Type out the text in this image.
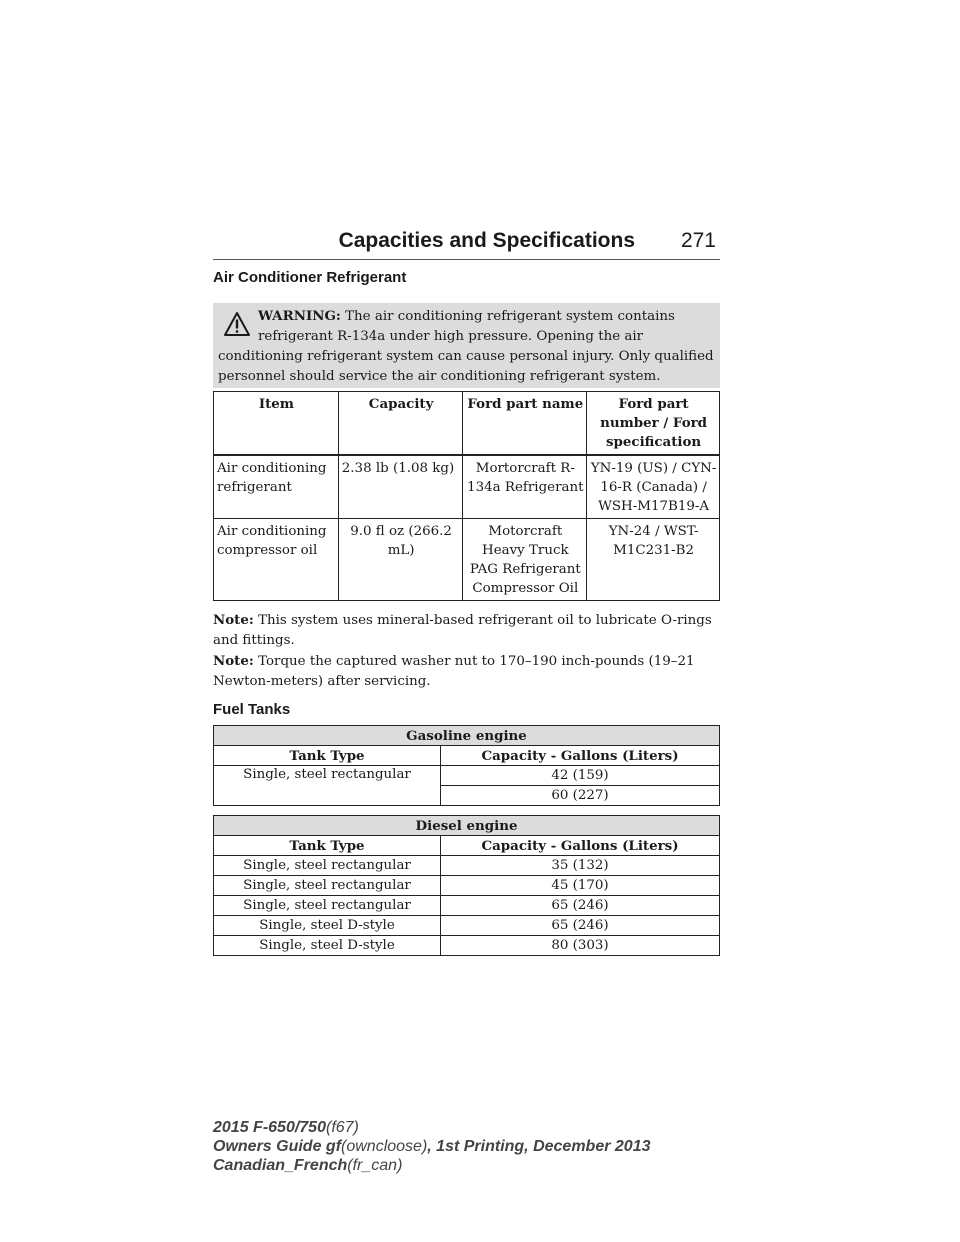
Capacities and Specifications 271
Air Conditioner Refrigerant
WARNING: The air conditioning refrigerant system contains
refrigerant R-134a under high pressure. Opening the air
conditioning refrigerant system can cause personal injury. Only qualified
personnel should service the air conditioning refrigerant system.
Item	Capacity	Ford part name	Ford part number / Ford specification
Air conditioning refrigerant	2.38 lb (1.08 kg)	Mortorcraft R-134a Refrigerant	YN-19 (US) / CYN-16-R (Canada) / WSH-M17B19-A
Air conditioning compressor oil	9.0 fl oz (266.2 mL)	Motorcraft Heavy Truck PAG Refrigerant Compressor Oil	YN-24 / WST-M1C231-B2
Note: This system uses mineral-based refrigerant oil to lubricate O-rings and fittings.
Note: Torque the captured washer nut to 170–190 inch-pounds (19–21 Newton-meters) after servicing.
Fuel Tanks
Gasoline engine	
Tank Type	Capacity - Gallons (Liters)
Single, steel rectangular	42 (159)
	60 (227)
Diesel engine	
Tank Type	Capacity - Gallons (Liters)
Single, steel rectangular	35 (132)
Single, steel rectangular	45 (170)
Single, steel rectangular	65 (246)
Single, steel D-style	65 (246)
Single, steel D-style	80 (303)
2015 F-650/750(f67)
Owners Guide gf(owncloose), 1st Printing, December 2013
Canadian_French(fr_can)
